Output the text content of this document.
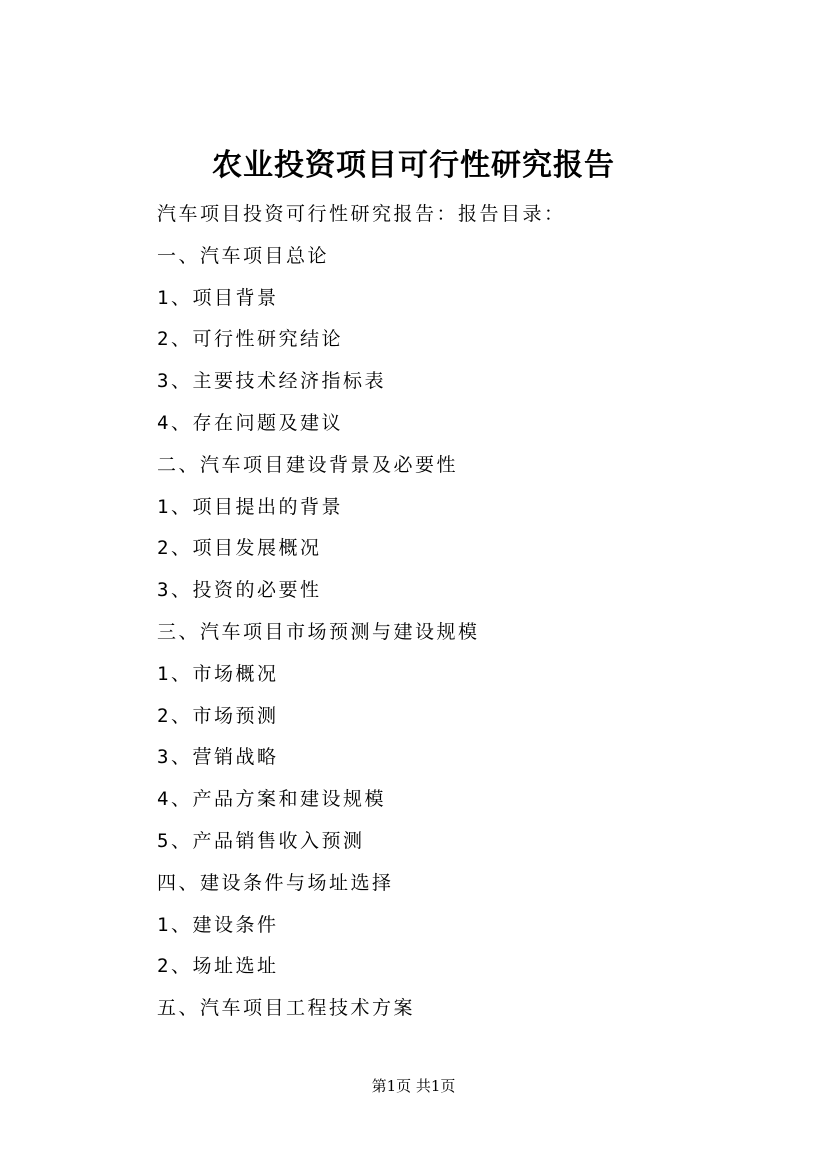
农业投资项目可行性研究报告
汽车项目投资可行性研究报告：报告目录：
一、汽车项目总论
1、项目背景
2、可行性研究结论
3、主要技术经济指标表
4、存在问题及建议
二、汽车项目建设背景及必要性
1、项目提出的背景
2、项目发展概况
3、投资的必要性
三、汽车项目市场预测与建设规模
1、市场概况
2、市场预测
3、营销战略
4、产品方案和建设规模
5、产品销售收入预测
四、建设条件与场址选择
1、建设条件
2、场址选址
五、汽车项目工程技术方案
第1页 共1页
